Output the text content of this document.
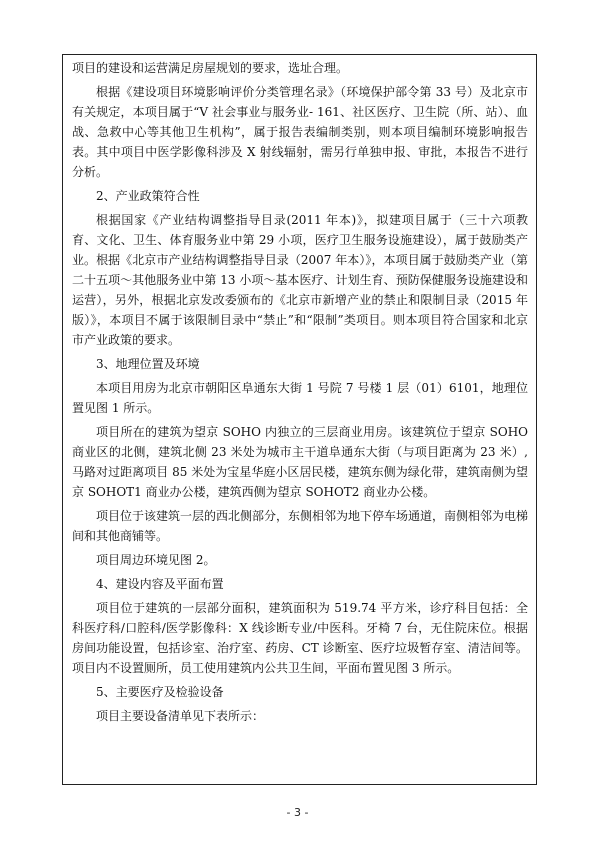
项目的建设和运营满足房屋规划的要求，选址合理。

根据《建设项目环境影响评价分类管理名录》（环境保护部令第 33 号）及北京市有关规定，本项目属于“V 社会事业与服务业- 161、社区医疗、卫生院（所、站）、血战、急救中心等其他卫生机构”，属于报告表编制类别，则本项目编制环境影响报告表。其中项目中医学影像科涉及 X 射线辐射，需另行单独申报、审批，本报告不进行分析。

2、产业政策符合性

根据国家《产业结构调整指导目录(2011 年本)》，拟建项目属于（三十六项教育、文化、卫生、体育服务业中第 29 小项，医疗卫生服务设施建设），属于鼓励类产业。根据《北京市产业结构调整指导目录（2007 年本）》，本项目属于鼓励类产业（第二十五项～其他服务业中第 13 小项～基本医疗、计划生育、预防保健服务设施建设和运营），另外，根据北京发改委颁布的《北京市新增产业的禁止和限制目录（2015 年版）》，本项目不属于该限制目录中“禁止”和“限制”类项目。则本项目符合国家和北京市产业政策的要求。

3、地理位置及环境

本项目用房为北京市朝阳区阜通东大街 1 号院 7 号楼 1 层（01）6101，地理位置见图 1 所示。

项目所在的建筑为望京 SOHO 内独立的三层商业用房。该建筑位于望京 SOHO 商业区的北侧，建筑北侧 23 米处为城市主干道阜通东大街（与项目距离为 23 米）,马路对过距离项目 85 米处为宝星华庭小区居民楼，建筑东侧为绿化带，建筑南侧为望京 SOHOT1 商业办公楼，建筑西侧为望京 SOHOT2 商业办公楼。

项目位于该建筑一层的西北侧部分，东侧相邻为地下停车场通道，南侧相邻为电梯间和其他商铺等。

项目周边环境见图 2。

4、建设内容及平面布置

项目位于建筑的一层部分面积，建筑面积为 519.74 平方米，诊疗科目包括：全科医疗科/口腔科/医学影像科：X 线诊断专业/中医科。牙椅 7 台，无住院床位。根据房间功能设置，包括诊室、治疗室、药房、CT 诊断室、医疗垃圾暂存室、清洁间等。项目内不设置厕所，员工使用建筑内公共卫生间，平面布置见图 3 所示。

5、主要医疗及检验设备

项目主要设备清单见下表所示：

- 3 -
